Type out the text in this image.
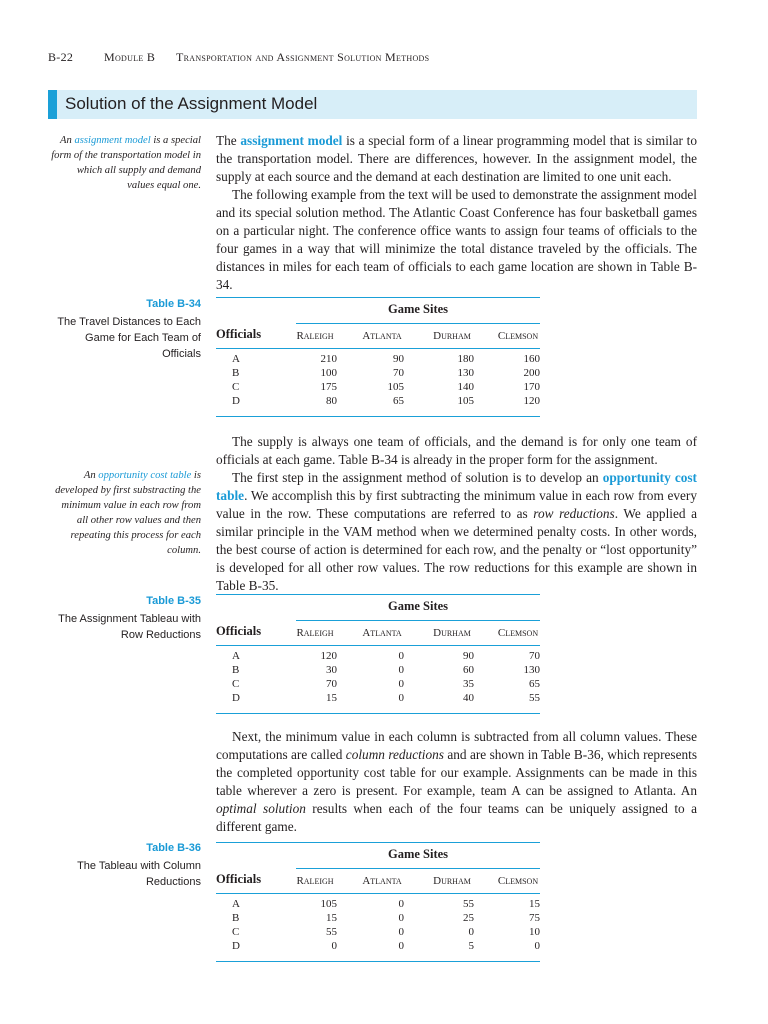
B-22	Module B Transportation and Assignment Solution Methods
Solution of the Assignment Model
An assignment model is a special form of the transportation model in which all supply and demand values equal one.

The assignment model is a special form of a linear programming model that is similar to the transportation model. There are differences, however. In the assignment model, the supply at each source and the demand at each destination are limited to one unit each.

The following example from the text will be used to demonstrate the assignment model and its special solution method. The Atlantic Coast Conference has four basketball games on a particular night. The conference office wants to assign four teams of officials to the four games in a way that will minimize the total distance traveled by the officials. The distances in miles for each team of officials to each game location are shown in Table B-34.

Table B-34
The Travel Distances to Each Game for Each Team of Officials
Game Sites
Officials	Raleigh	Atlanta	Durham	Clemson
A	210	90	180	160
B	100	70	130	200
C	175	105	140	170
D	80	65	105	120

The supply is always one team of officials, and the demand is for only one team of officials at each game. Table B-34 is already in the proper form for the assignment.

The first step in the assignment method of solution is to develop an opportunity cost table. We accomplish this by first subtracting the minimum value in each row from every value in the row. These computations are referred to as row reductions. We applied a similar principle in the VAM method when we determined penalty costs. In other words, the best course of action is determined for each row, and the penalty or “lost opportunity” is developed for all other row values. The row reductions for this example are shown in Table B-35.

An opportunity cost table is developed by first substracting the minimum value in each row from all other row values and then repeating this process for each column.
Table B-35
The Assignment Tableau with Row Reductions
Game Sites
Officials	Raleigh	Atlanta	Durham	Clemson
A	120	0	90	70
B	30	0	60	130
C	70	0	35	65
D	15	0	40	55

Next, the minimum value in each column is subtracted from all column values. These computations are called column reductions and are shown in Table B-36, which represents the completed opportunity cost table for our example. Assignments can be made in this table wherever a zero is present. For example, team A can be assigned to Atlanta. An optimal solution results when each of the four teams can be uniquely assigned to a different game.

Table B-36
The Tableau with Column Reductions
Game Sites
Officials	Raleigh	Atlanta	Durham	Clemson
A	105	0	55	15
B	15	0	25	75
C	55	0	0	10
D	0	0	5	0
